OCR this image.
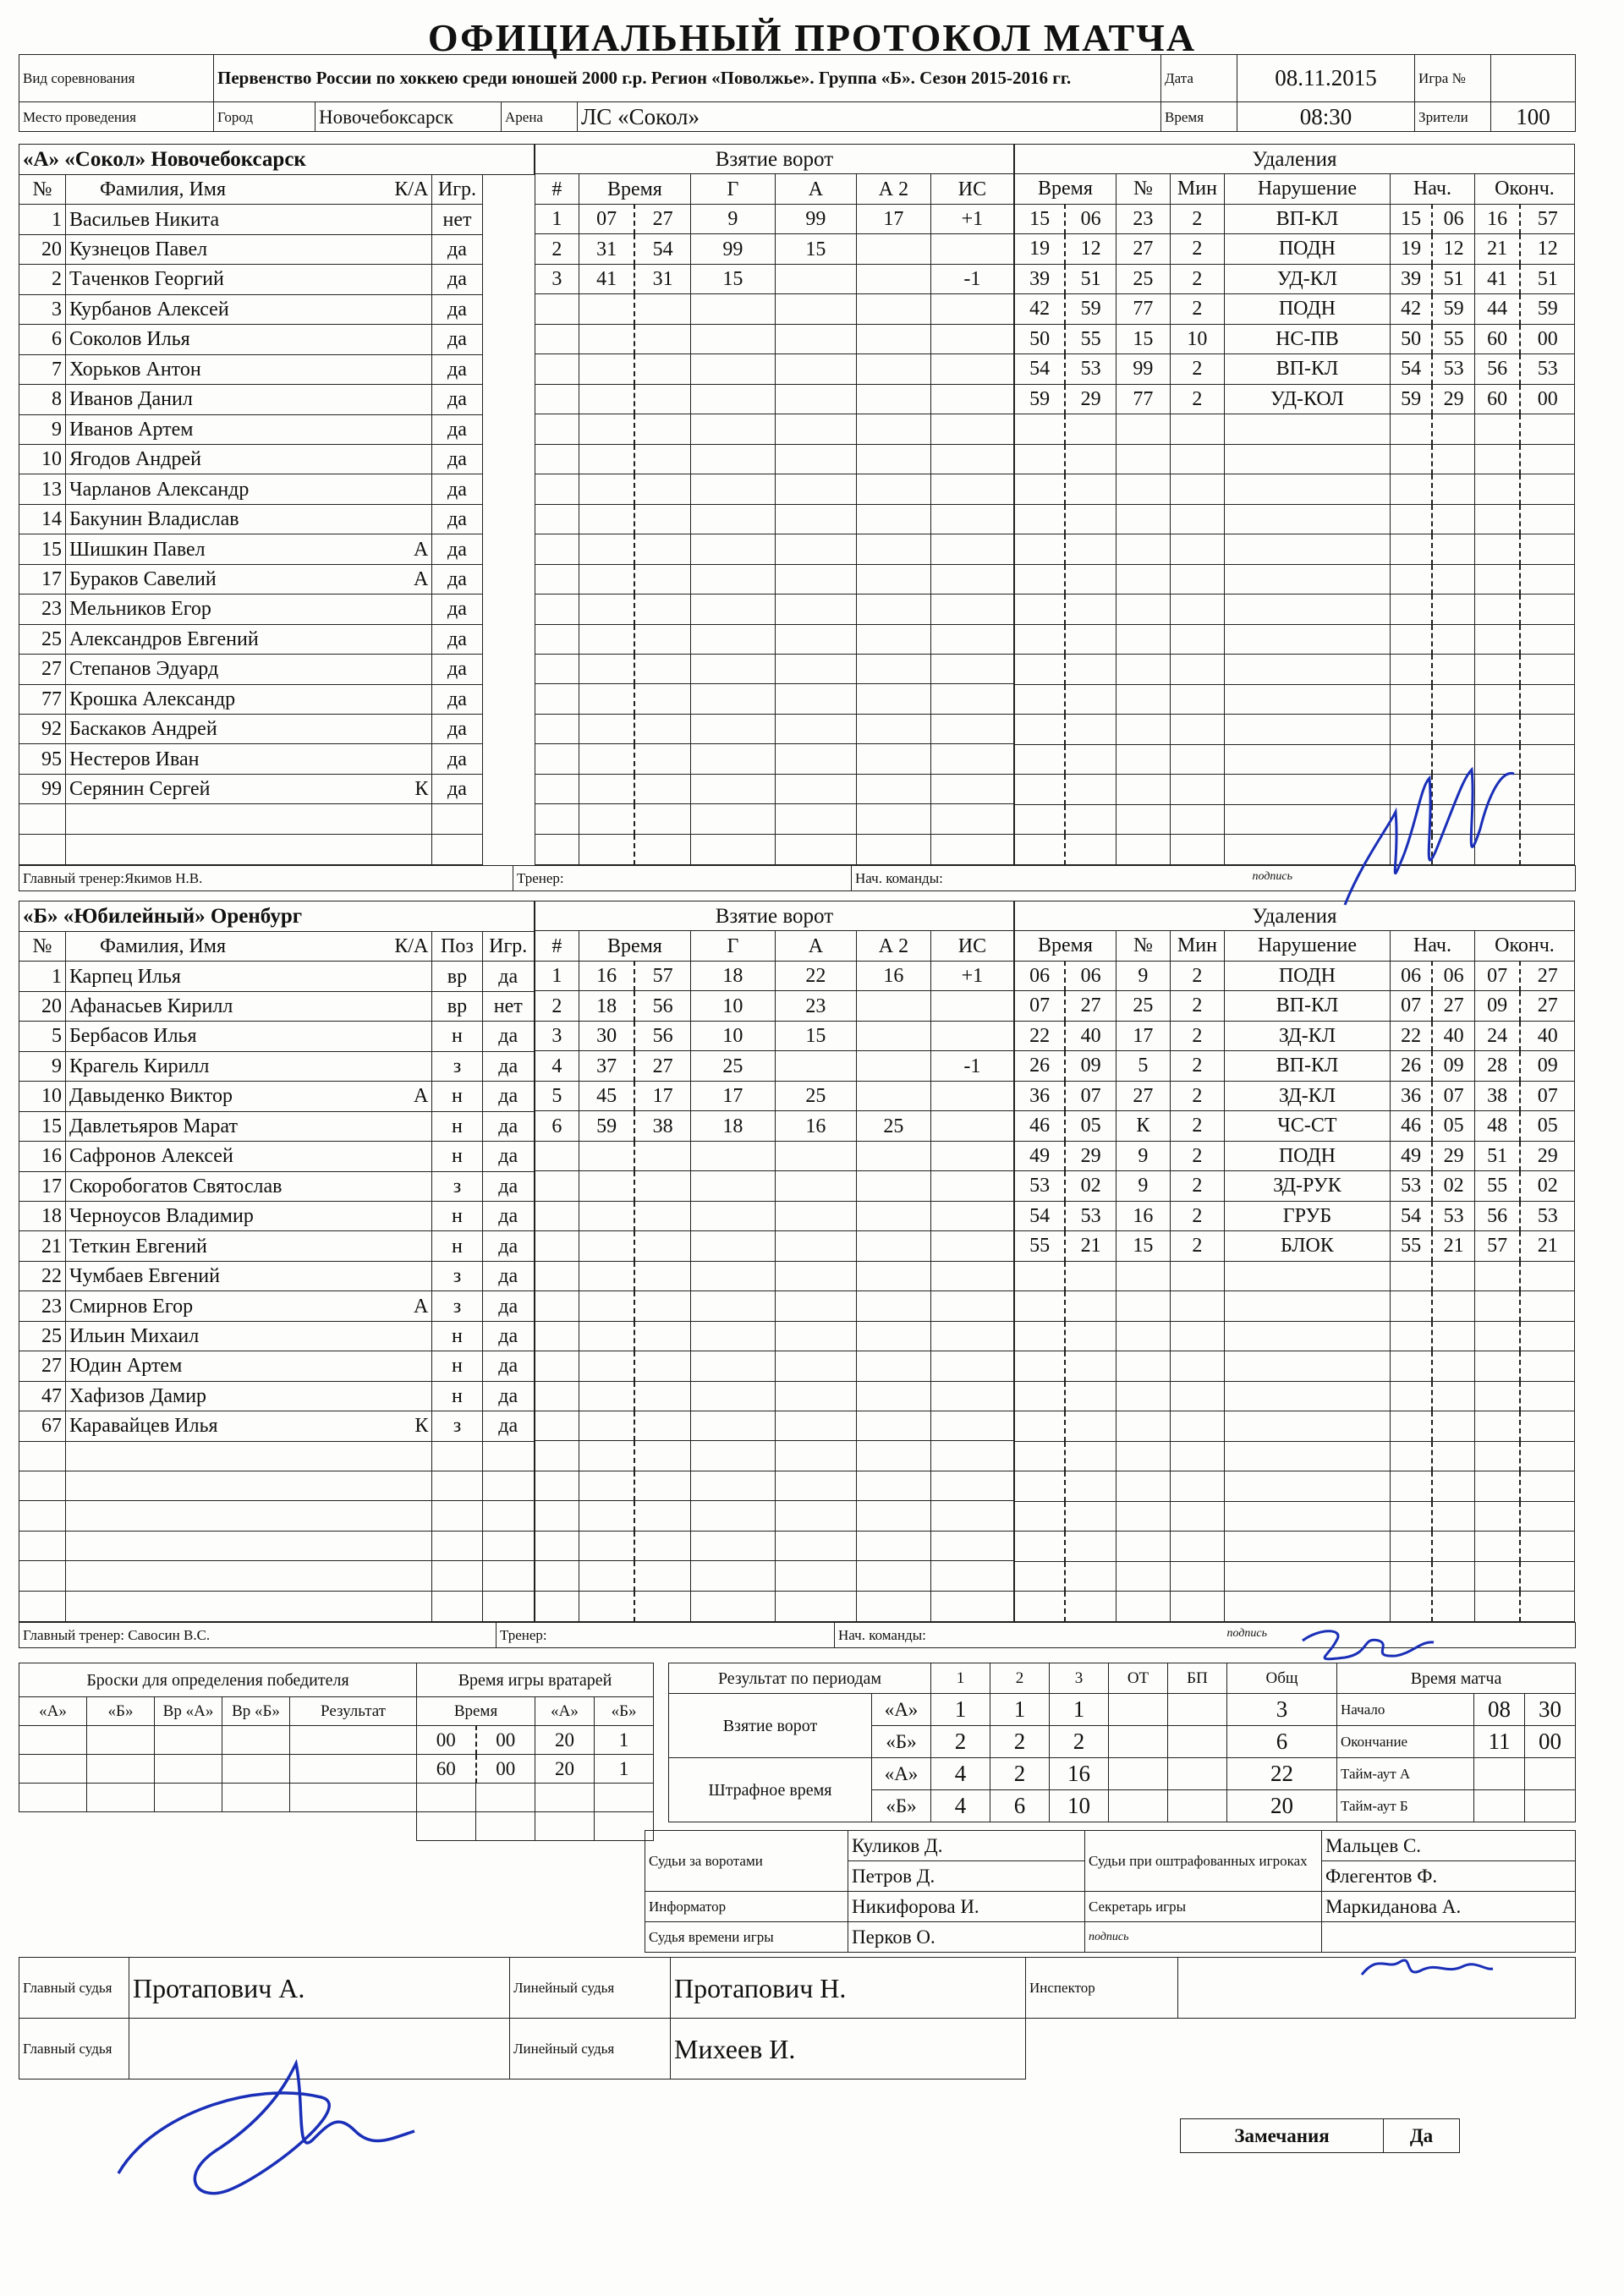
ОФИЦИАЛЬНЫЙ ПРОТОКОЛ МАТЧА
Вид соревнования	Первенство России по хоккею среди юношей 2000 г.р. Регион «Поволжье». Группа «Б». Сезон 2015-2016 гг.				Дата	08.11.2015	Игра №	
Место проведения	Город	Новочебоксарск	Арена	ЛС «Сокол»	Время	08:30	Зрители	100
«А» «Сокол» Новочебоксарск		
№	Фамилия, Имя К/А		Игр.
1	Васильев Никита		нет
20	Кузнецов Павел		да
2	Тaченков Георгий		да
3	Курбанов Алексей		да
6	Соколов Илья		да
7	Хорьков Антон		да
8	Иванов Данил		да
9	Иванов Артем		да
10	Ягодов Андрей		да
13	Чарланов Александр		да
14	Бакунин Владислав		да
15	Шишкин Павел А		да
17	Бураков Савелий А		да
23	Мельников Егор		да
25	Александров Евгений		да
27	Степанов Эдуард		да
77	Крошка Александр		да
92	Баскаков Андрей		да
95	Нестеров Иван		да
99	Серянин Сергей К		да

Взятие ворот						
#	Время		Г	А	А 2	ИС
1	07	27	9	99	17	+1
2	31	54	99	15		
3	41	31	15			-1

Удаления								
Время		№	Мин	Нарушение	Нач.		Оконч.	
15	06	23	2	ВП-КЛ	15	06	16	57
19	12	27	2	ПОДН	19	12	21	12
39	51	25	2	УД-КЛ	39	51	41	51
42	59	77	2	ПОДН	42	59	44	59
50	55	15	10	НС-ПВ	50	55	60	00
54	53	99	2	ВП-КЛ	54	53	56	53
59	29	77	2	УД-КОЛ	59	29	60	00

Главный тренер:Якимов Н.В.	Тренер:	Нач. команды:	подпись
«Б» «Юбилейный» Оренбург			
№	Фамилия, Имя К/А	Поз	Игр.
1	Карпец Илья	вр	да
20	Афанасьев Кирилл	вр	нет
5	Бербасов Илья	н	да
9	Крагель Кирилл	з	да
10	Давыденко Виктор А	н	да
15	Давлетьяров Марат	н	да
16	Сафронов Алексей	н	да
17	Скоробогатов Святослав	з	да
18	Черноусов Владимир	н	да
21	Теткин Евгений	н	да
22	Чумбаев Евгений	з	да
23	Смирнов Егор А	з	да
25	Ильин Михаил	н	да
27	Юдин Артем	н	да
47	Хафизов Дамир	н	да
67	Каравайцев Илья К	з	да

Взятие ворот						
#	Время		Г	А	А 2	ИС
1	16	57	18	22	16	+1
2	18	56	10	23		
3	30	56	10	15		
4	37	27	25			-1
5	45	17	17	25		
6	59	38	18	16	25	

Удаления								
Время		№	Мин	Нарушение	Нач.		Оконч.	
06	06	9	2	ПОДН	06	06	07	27
07	27	25	2	ВП-КЛ	07	27	09	27
22	40	17	2	ЗД-КЛ	22	40	24	40
26	09	5	2	ВП-КЛ	26	09	28	09
36	07	27	2	ЗД-КЛ	36	07	38	07
46	05	К	2	ЧС-СТ	46	05	48	05
49	29	9	2	ПОДН	49	29	51	29
53	02	9	2	ЗД-РУК	53	02	55	02
54	53	16	2	ГРУБ	54	53	56	53
55	21	15	2	БЛОК	55	21	57	21

Главный тренер: Савосин В.С.	Тренер:	Нач. команды:	подпись
Броски для определения победителя				
«А»	«Б»	Вр «А»	Вр «Б»	Результат

Время игры вратарей			
Время		«А»	«Б»
00	00	20	1
60	00	20	1

Результат по периодам		1	2	3	ОТ	БП	Общ
Взятие ворот	«А»	1	1	1			3
	«Б»	2	2	2			6
Штрафное время	«А»	4	2	16			22
	«Б»	4	6	10			20
Время матча		
Начало	08	30
Окончание	11	00
Тайм-аут А		
Тайм-аут Б		
Судьи за воротами	Куликов Д.	Судьи при оштрафованных игроках	Мальцев С.
	Петров Д.		Флегентов Ф.
Информатор	Никифорова И.	Секретарь игры	Маркиданова А.
Судья времени игры	Перков О.	подпись	
Главный судья	Протапович А.	Линейный судья	Протапович Н.	Инспектор	
Главный судья		Линейный судья	Михеев И.		
Замечания	Да
